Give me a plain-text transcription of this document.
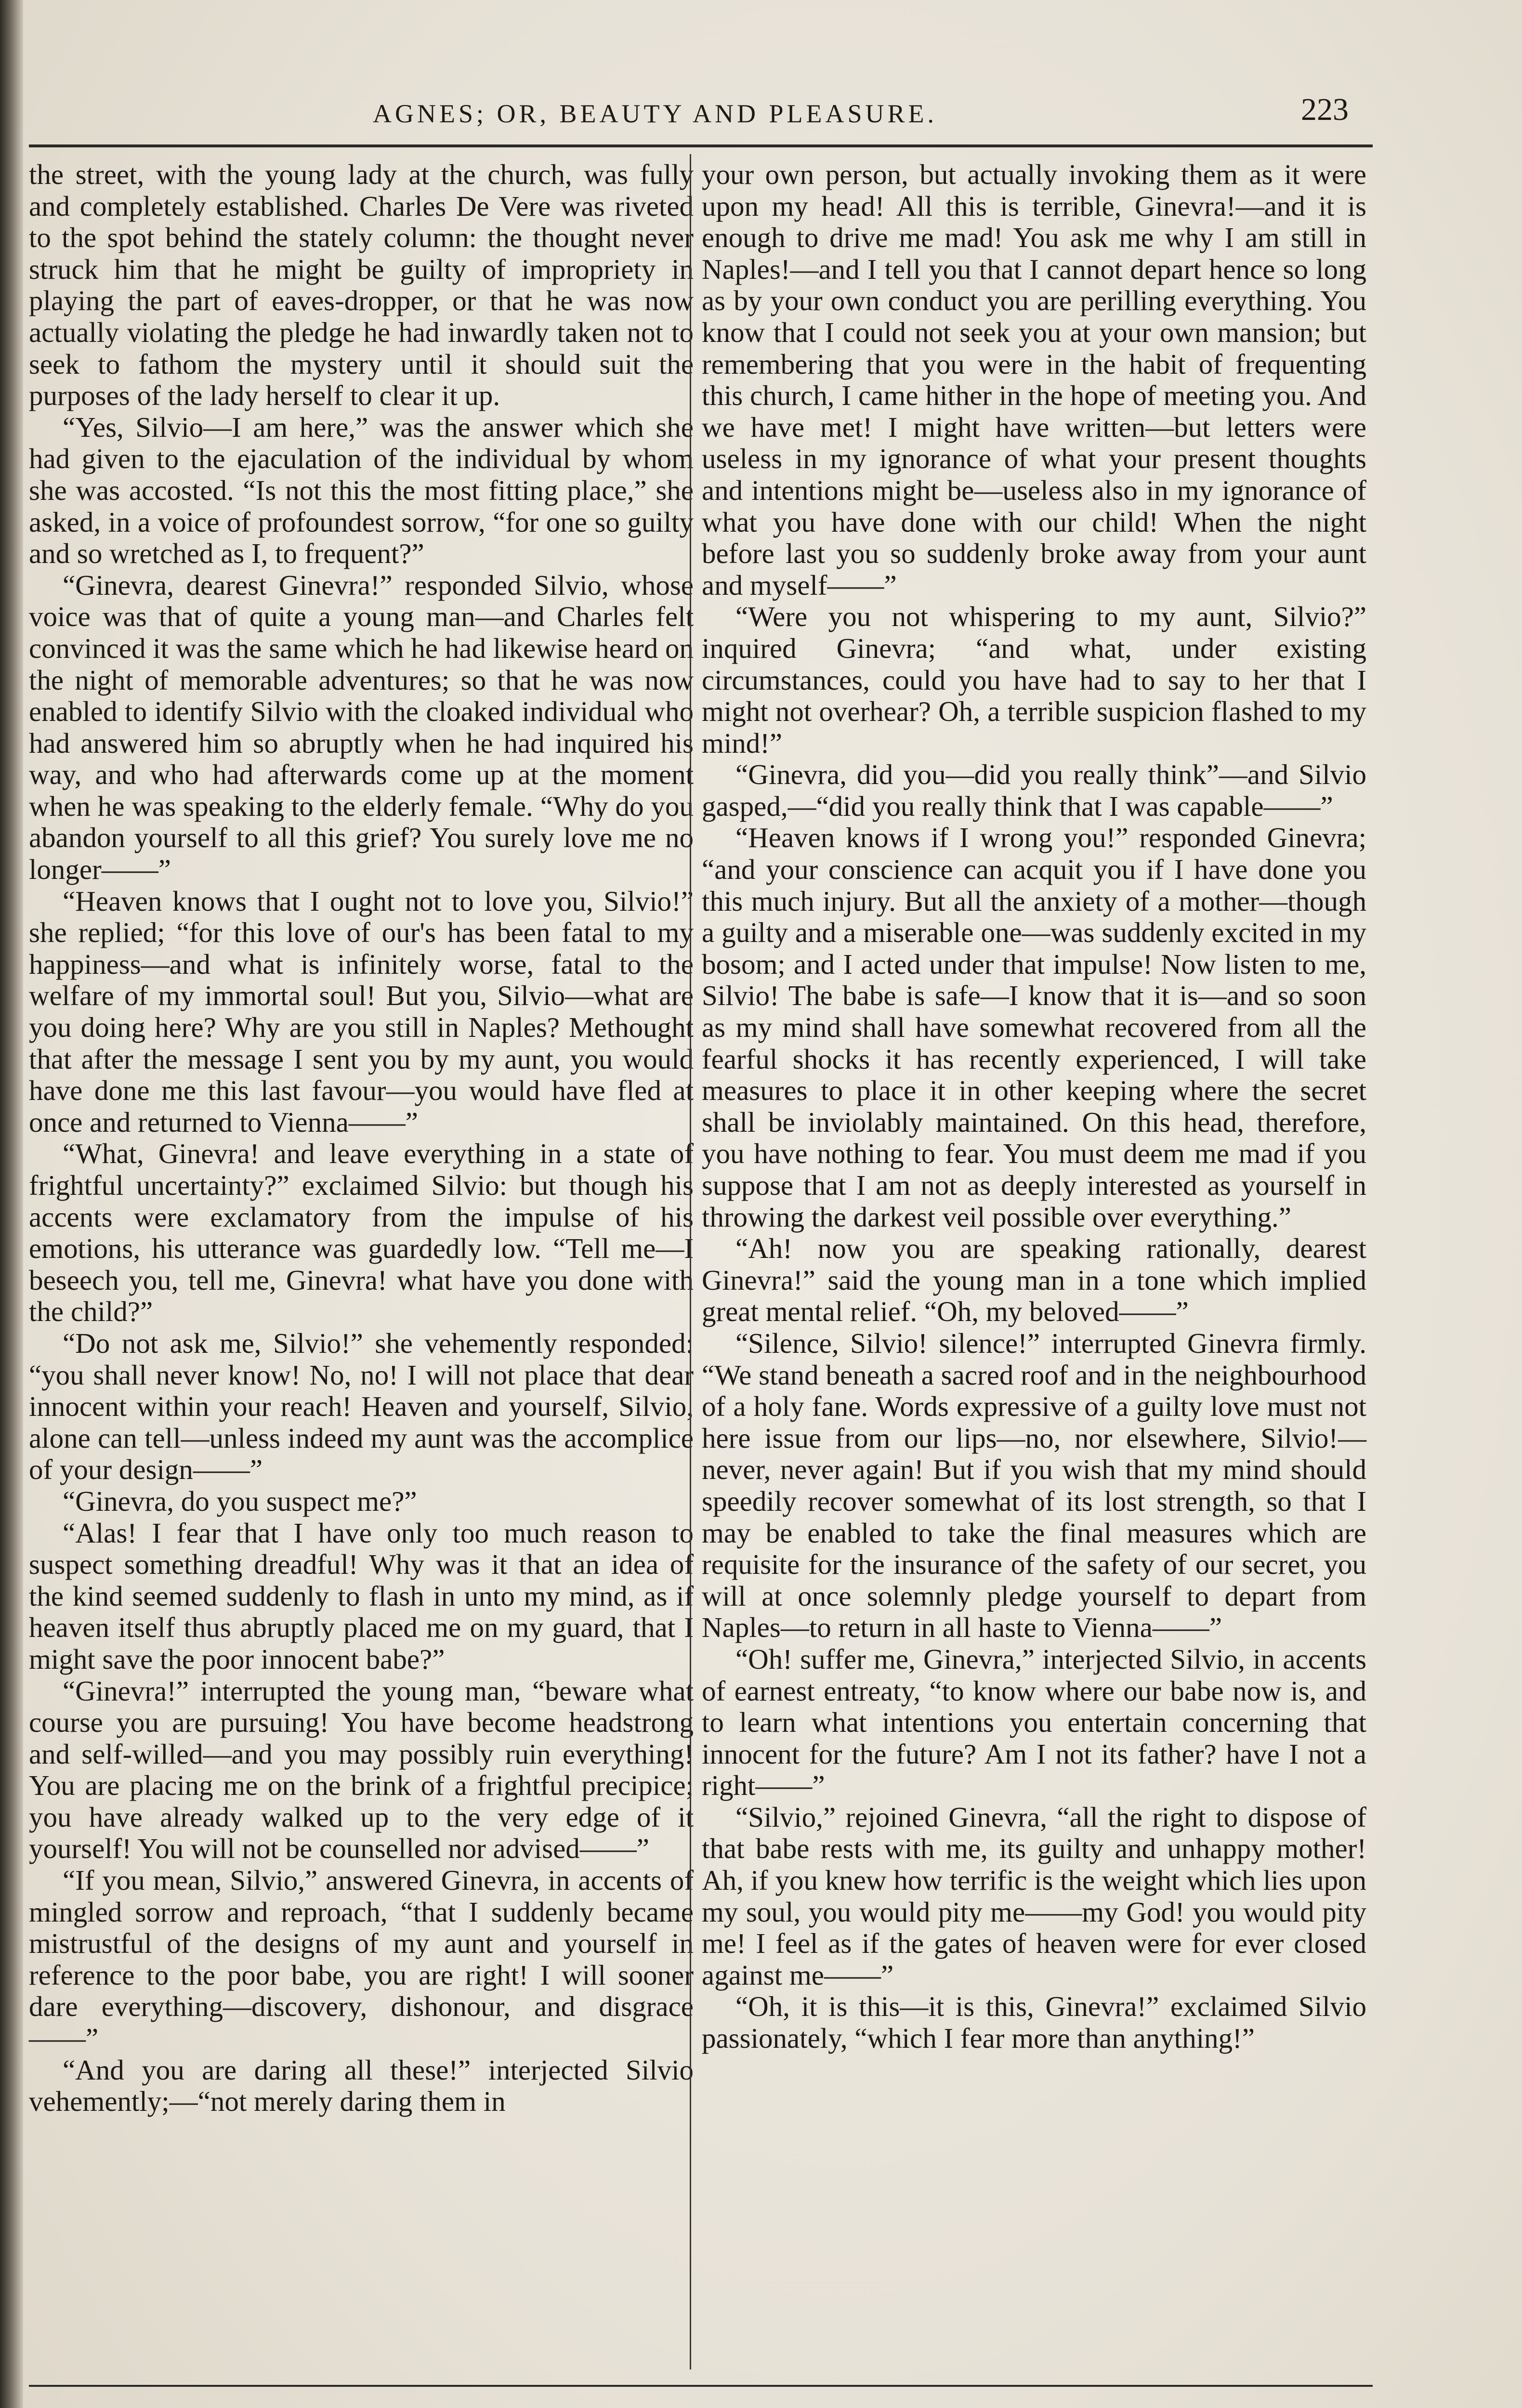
AGNES; OR, BEAUTY AND PLEASURE.	223

the street, with the young lady at the church, was fully and completely established. Charles De Vere was riveted to the spot behind the stately column: the thought never struck him that he might be guilty of impropriety in playing the part of eaves-dropper, or that he was now actually violating the pledge he had inwardly taken not to seek to fathom the mystery until it should suit the purposes of the lady herself to clear it up.

“Yes, Silvio—I am here,” was the answer which she had given to the ejaculation of the individual by whom she was accosted. “Is not this the most fitting place,” she asked, in a voice of profoundest sorrow, “for one so guilty and so wretched as I, to frequent?”

“Ginevra, dearest Ginevra!” responded Silvio, whose voice was that of quite a young man—and Charles felt convinced it was the same which he had likewise heard on the night of memorable adventures; so that he was now enabled to identify Silvio with the cloaked individual who had answered him so abruptly when he had inquired his way, and who had afterwards come up at the moment when he was speaking to the elderly female. “Why do you abandon yourself to all this grief? You surely love me no longer——”

“Heaven knows that I ought not to love you, Silvio!” she replied; “for this love of our's has been fatal to my happiness—and what is infinitely worse, fatal to the welfare of my immortal soul! But you, Silvio—what are you doing here? Why are you still in Naples? Methought that after the message I sent you by my aunt, you would have done me this last favour—you would have fled at once and returned to Vienna——”

“What, Ginevra! and leave everything in a state of frightful uncertainty?” exclaimed Silvio: but though his accents were exclamatory from the impulse of his emotions, his utterance was guardedly low. “Tell me—I beseech you, tell me, Ginevra! what have you done with the child?”

“Do not ask me, Silvio!” she vehemently responded: “you shall never know! No, no! I will not place that dear innocent within your reach! Heaven and yourself, Silvio, alone can tell—unless indeed my aunt was the accomplice of your design——”

“Ginevra, do you suspect me?”

“Alas! I fear that I have only too much reason to suspect something dreadful! Why was it that an idea of the kind seemed suddenly to flash in unto my mind, as if heaven itself thus abruptly placed me on my guard, that I might save the poor innocent babe?”

“Ginevra!” interrupted the young man, “beware what course you are pursuing! You have become headstrong and self-willed—and you may possibly ruin everything! You are placing me on the brink of a frightful precipice; you have already walked up to the very edge of it yourself! You will not be counselled nor advised——”

“If you mean, Silvio,” answered Ginevra, in accents of mingled sorrow and reproach, “that I suddenly became mistrustful of the designs of my aunt and yourself in reference to the poor babe, you are right! I will sooner dare everything—discovery, dishonour, and disgrace——”

“And you are daring all these!” interjected Silvio vehemently;—“not merely daring them in

your own person, but actually invoking them as it were upon my head! All this is terrible, Ginevra!—and it is enough to drive me mad! You ask me why I am still in Naples!—and I tell you that I cannot depart hence so long as by your own conduct you are perilling everything. You know that I could not seek you at your own mansion; but remembering that you were in the habit of frequenting this church, I came hither in the hope of meeting you. And we have met! I might have written—but letters were useless in my ignorance of what your present thoughts and intentions might be—useless also in my ignorance of what you have done with our child! When the night before last you so suddenly broke away from your aunt and myself——”

“Were you not whispering to my aunt, Silvio?” inquired Ginevra; “and what, under existing circumstances, could you have had to say to her that I might not overhear? Oh, a terrible suspicion flashed to my mind!”

“Ginevra, did you—did you really think”—and Silvio gasped,—“did you really think that I was capable——”

“Heaven knows if I wrong you!” responded Ginevra; “and your conscience can acquit you if I have done you this much injury. But all the anxiety of a mother—though a guilty and a miserable one—was suddenly excited in my bosom; and I acted under that impulse! Now listen to me, Silvio! The babe is safe—I know that it is—and so soon as my mind shall have somewhat recovered from all the fearful shocks it has recently experienced, I will take measures to place it in other keeping where the secret shall be inviolably maintained. On this head, therefore, you have nothing to fear. You must deem me mad if you suppose that I am not as deeply interested as yourself in throwing the darkest veil possible over everything.”

“Ah! now you are speaking rationally, dearest Ginevra!” said the young man in a tone which implied great mental relief. “Oh, my beloved——”

“Silence, Silvio! silence!” interrupted Ginevra firmly. “We stand beneath a sacred roof and in the neighbourhood of a holy fane. Words expressive of a guilty love must not here issue from our lips—no, nor elsewhere, Silvio!—never, never again! But if you wish that my mind should speedily recover somewhat of its lost strength, so that I may be enabled to take the final measures which are requisite for the insurance of the safety of our secret, you will at once solemnly pledge yourself to depart from Naples—to return in all haste to Vienna——”

“Oh! suffer me, Ginevra,” interjected Silvio, in accents of earnest entreaty, “to know where our babe now is, and to learn what intentions you entertain concerning that innocent for the future? Am I not its father? have I not a right——”

“Silvio,” rejoined Ginevra, “all the right to dispose of that babe rests with me, its guilty and unhappy mother! Ah, if you knew how terrific is the weight which lies upon my soul, you would pity me——my God! you would pity me! I feel as if the gates of heaven were for ever closed against me——”

“Oh, it is this—it is this, Ginevra!” exclaimed Silvio passionately, “which I fear more than anything!”
